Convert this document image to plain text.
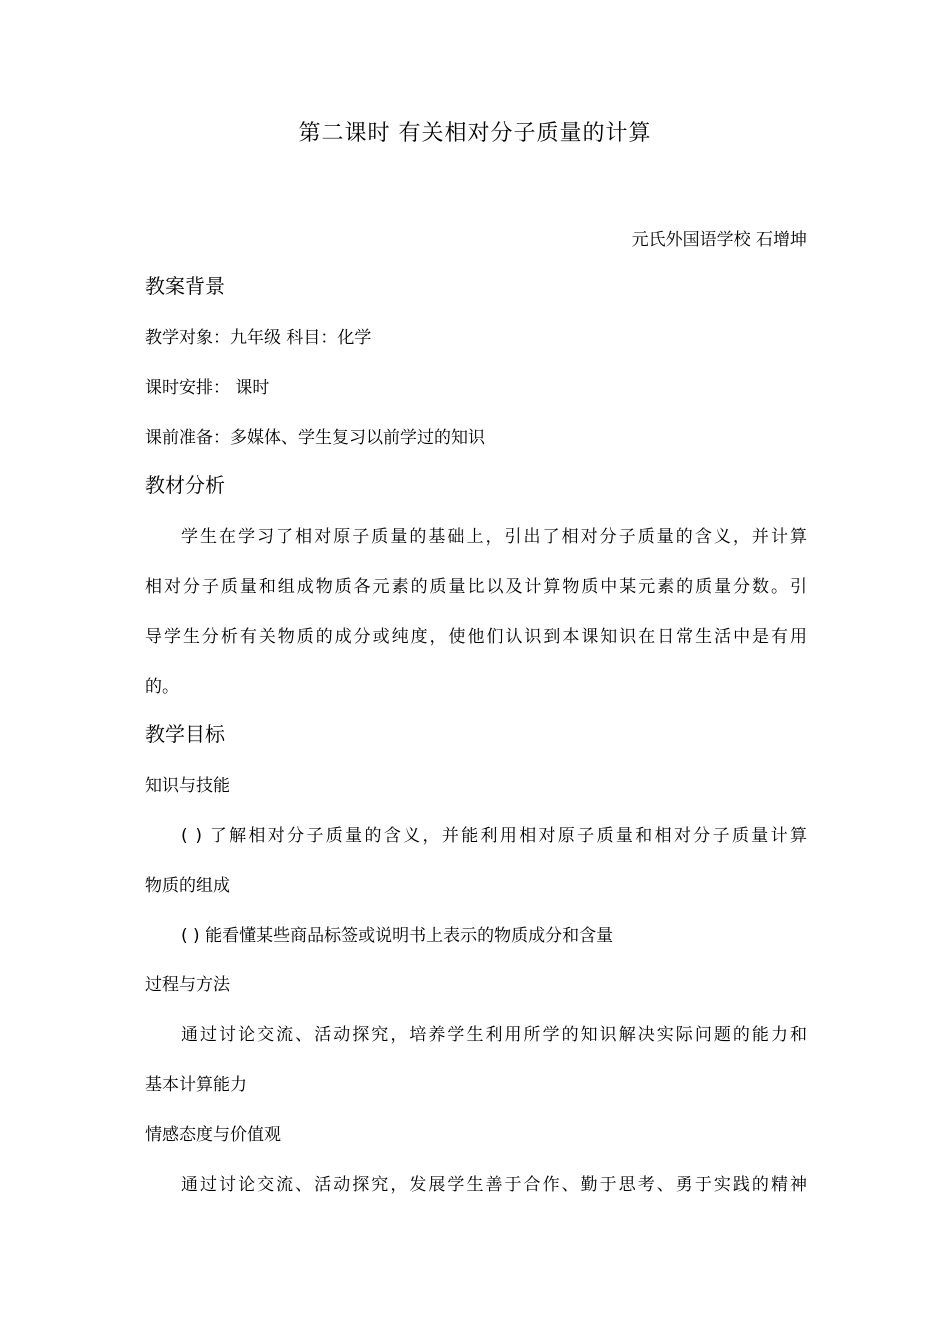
第二课时 有关相对分子质量的计算
元氏外国语学校 石增坤
教案背景
教学对象：九年级 科目：化学
课时安排： 课时
课前准备：多媒体、学生复习以前学过的知识
教材分析
学生在学习了相对原子质量的基础上，引出了相对分子质量的含义，并计算
相对分子质量和组成物质各元素的质量比以及计算物质中某元素的质量分数。引
导学生分析有关物质的成分或纯度，使他们认识到本课知识在日常生活中是有用
的。
教学目标
知识与技能
( ) 了解相对分子质量的含义，并能利用相对原子质量和相对分子质量计算
物质的组成
( ) 能看懂某些商品标签或说明书上表示的物质成分和含量
过程与方法
通过讨论交流、活动探究，培养学生利用所学的知识解决实际问题的能力和
基本计算能力
情感态度与价值观
通过讨论交流、活动探究，发展学生善于合作、勤于思考、勇于实践的精神
